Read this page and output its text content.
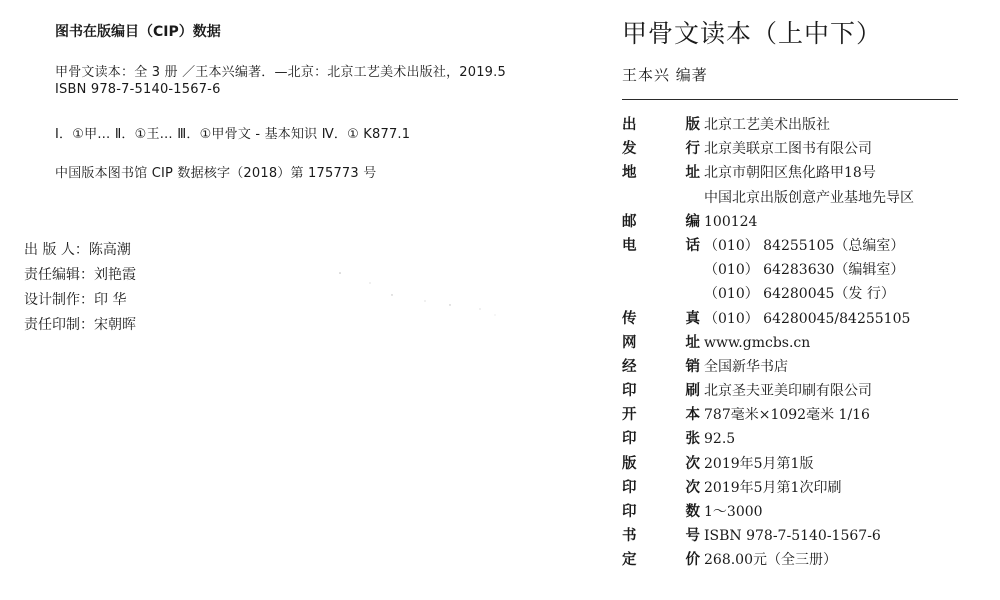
图书在版编目（CIP）数据
甲骨文读本：全 3 册 ／王本兴编著．—北京：北京工艺美术出版社，2019.5
ISBN 978-7-5140-1567-6
Ⅰ．①甲… Ⅱ．①王… Ⅲ．①甲骨文 - 基本知识 Ⅳ．① K877.1
中国版本图书馆 CIP 数据核字（2018）第 175773 号
出 版 人：陈高潮
责任编辑：刘艳霞
设计制作：印 华
责任印制：宋朝晖
甲骨文读本（上中下）
王本兴 编著
出	版 北京工艺美术出版社
发	行 北京美联京工图书有限公司
地	址 北京市朝阳区焦化路甲18号
中国北京出版创意产业基地先导区
邮	编 100124
电	话 （010） 84255105（总编室）
（010） 64283630（编辑室）
（010） 64280045（发 行）
传	真 （010） 64280045/84255105
网	址 www.gmcbs.cn
经	销 全国新华书店
印	刷 北京圣夫亚美印刷有限公司
开	本 787毫米×1092毫米 1/16
印	张 92.5
版	次 2019年5月第1版
印	次 2019年5月第1次印刷
印	数 1～3000
书	号 ISBN 978-7-5140-1567-6
定	价 268.00元（全三册）
